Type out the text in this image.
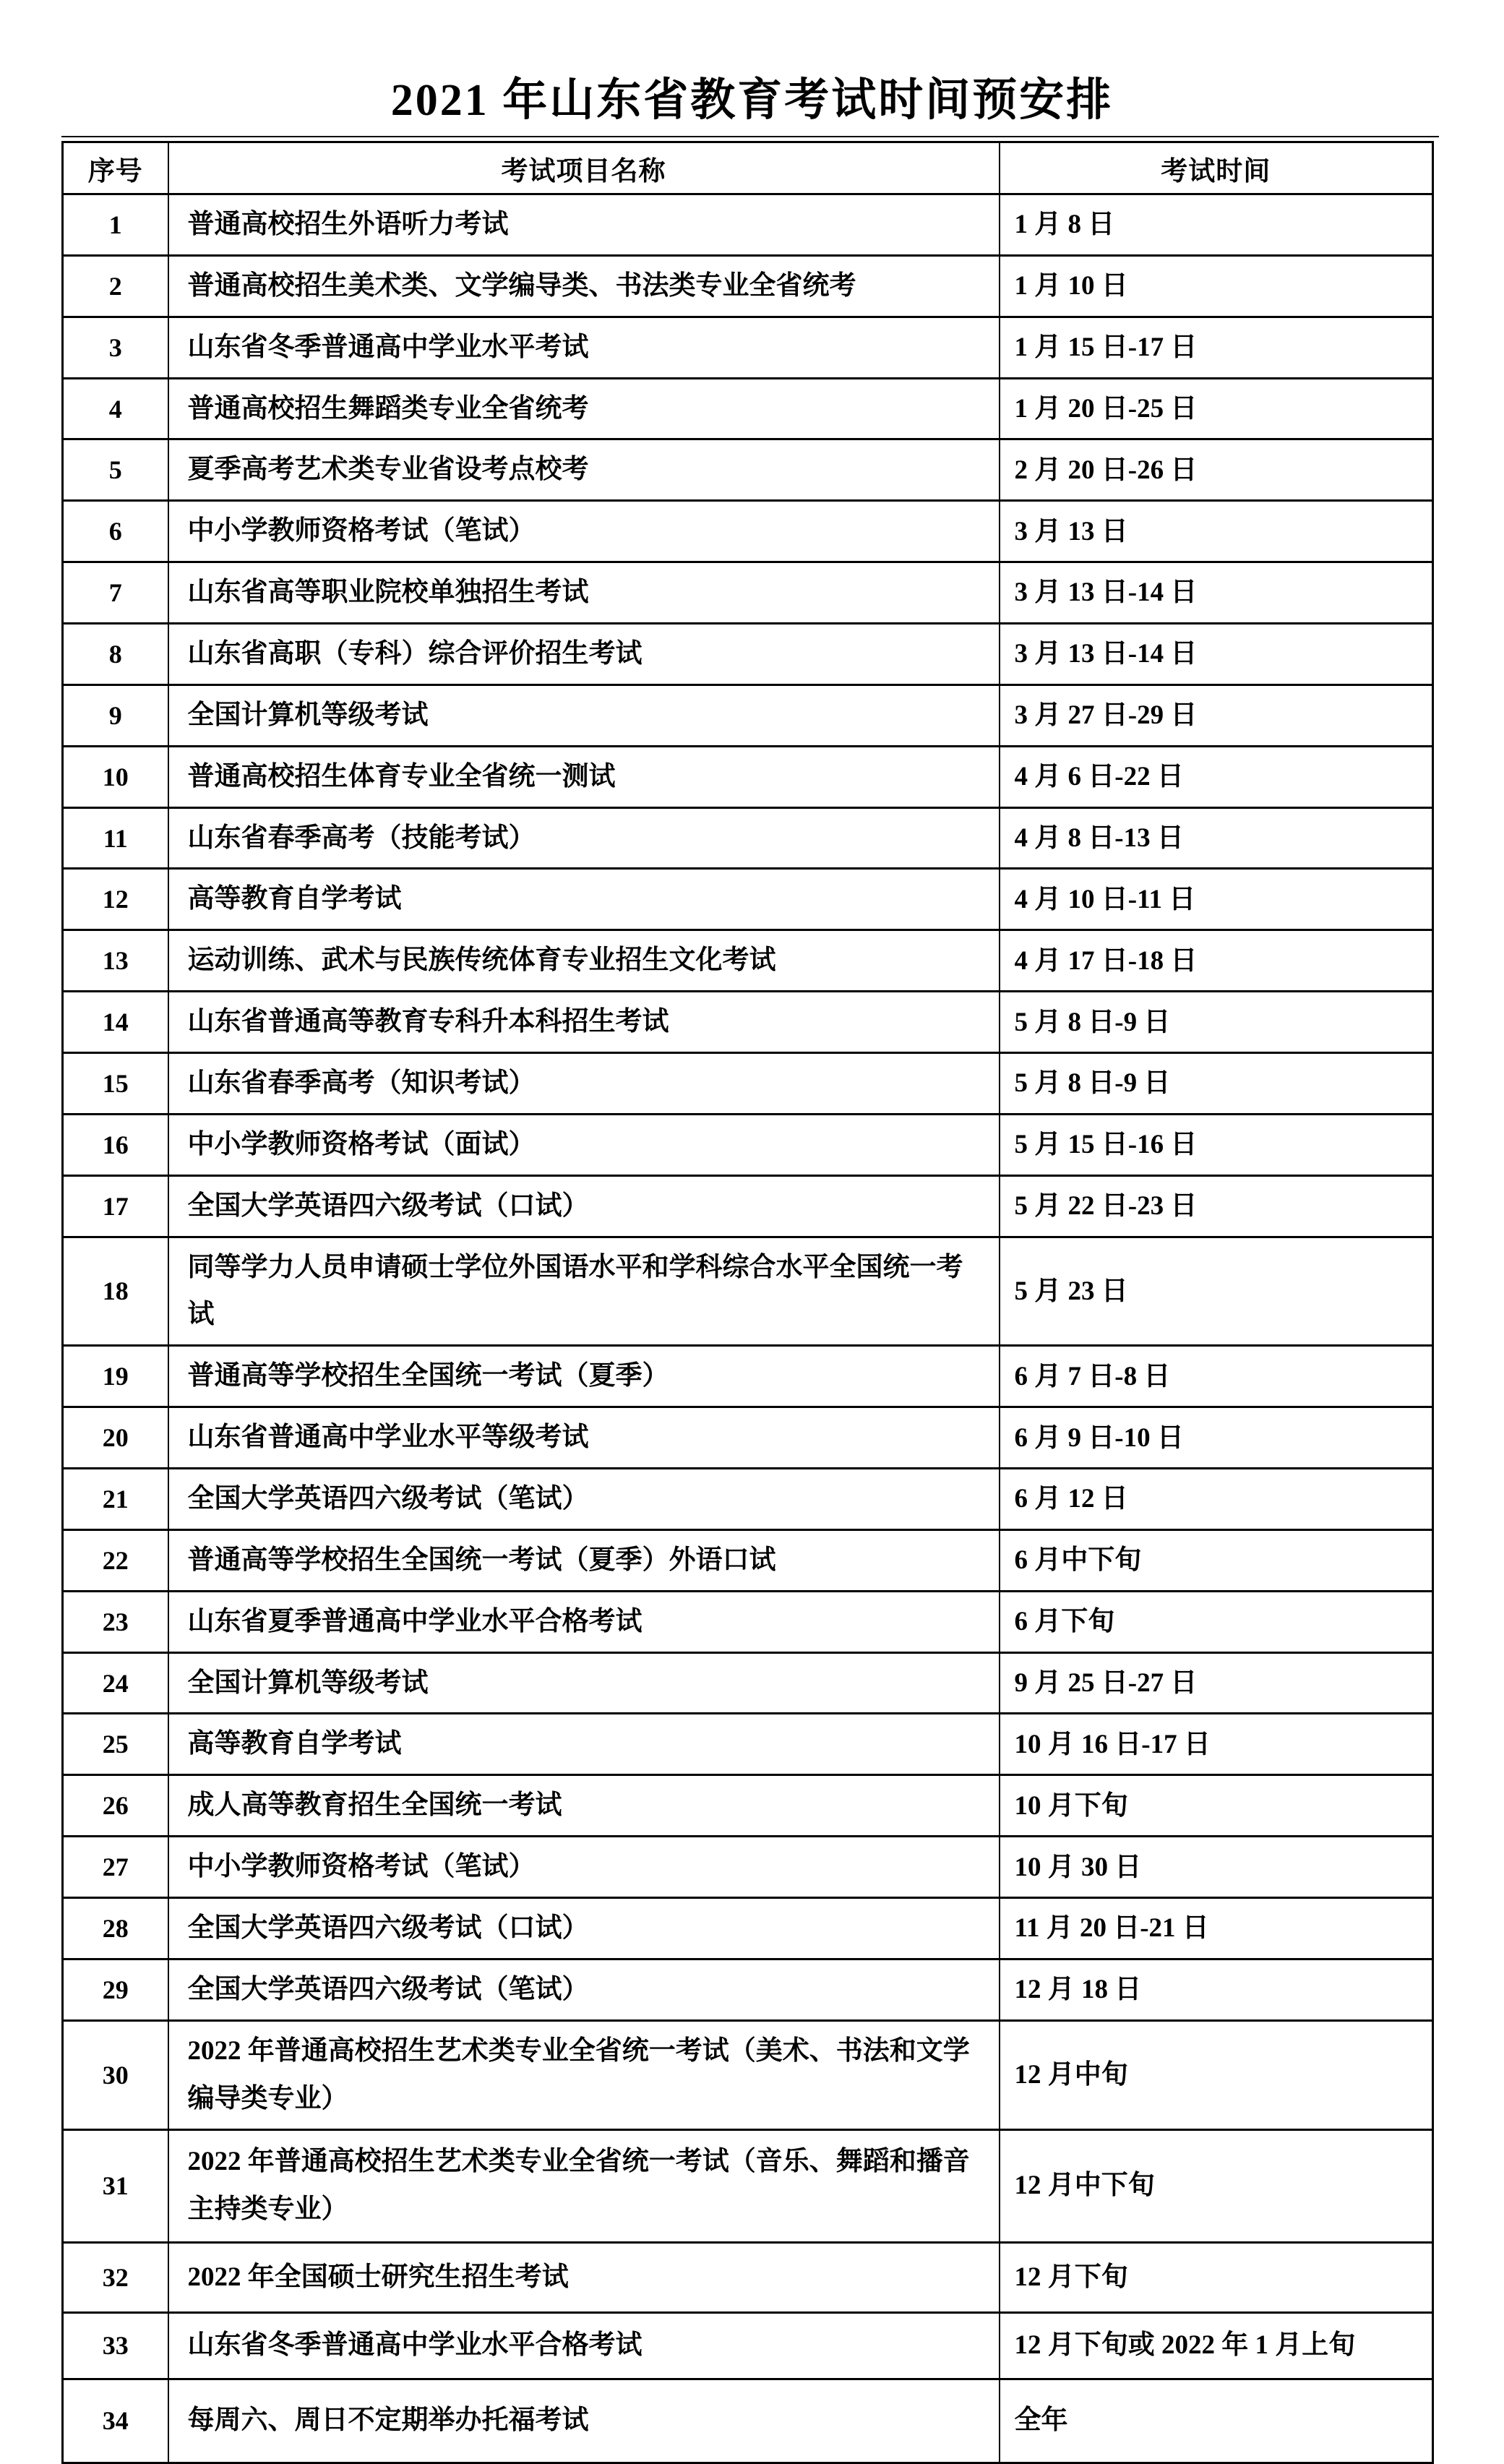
2021 年山东省教育考试时间预安排
序号	考试项目名称	考试时间
1	普通高校招生外语听力考试	1 月 8 日
2	普通高校招生美术类、文学编导类、书法类专业全省统考	1 月 10 日
3	山东省冬季普通高中学业水平考试	1 月 15 日-17 日
4	普通高校招生舞蹈类专业全省统考	1 月 20 日-25 日
5	夏季高考艺术类专业省设考点校考	2 月 20 日-26 日
6	中小学教师资格考试（笔试）	3 月 13 日
7	山东省高等职业院校单独招生考试	3 月 13 日-14 日
8	山东省高职（专科）综合评价招生考试	3 月 13 日-14 日
9	全国计算机等级考试	3 月 27 日-29 日
10	普通高校招生体育专业全省统一测试	4 月 6 日-22 日
11	山东省春季高考（技能考试）	4 月 8 日-13 日
12	高等教育自学考试	4 月 10 日-11 日
13	运动训练、武术与民族传统体育专业招生文化考试	4 月 17 日-18 日
14	山东省普通高等教育专科升本科招生考试	5 月 8 日-9 日
15	山东省春季高考（知识考试）	5 月 8 日-9 日
16	中小学教师资格考试（面试）	5 月 15 日-16 日
17	全国大学英语四六级考试（口试）	5 月 22 日-23 日
18	同等学力人员申请硕士学位外国语水平和学科综合水平全国统一考试	5 月 23 日
19	普通高等学校招生全国统一考试（夏季）	6 月 7 日-8 日
20	山东省普通高中学业水平等级考试	6 月 9 日-10 日
21	全国大学英语四六级考试（笔试）	6 月 12 日
22	普通高等学校招生全国统一考试（夏季）外语口试	6 月中下旬
23	山东省夏季普通高中学业水平合格考试	6 月下旬
24	全国计算机等级考试	9 月 25 日-27 日
25	高等教育自学考试	10 月 16 日-17 日
26	成人高等教育招生全国统一考试	10 月下旬
27	中小学教师资格考试（笔试）	10 月 30 日
28	全国大学英语四六级考试（口试）	11 月 20 日-21 日
29	全国大学英语四六级考试（笔试）	12 月 18 日
30	2022 年普通高校招生艺术类专业全省统一考试（美术、书法和文学编导类专业）	12 月中旬
31	2022 年普通高校招生艺术类专业全省统一考试（音乐、舞蹈和播音主持类专业）	12 月中下旬
32	2022 年全国硕士研究生招生考试	12 月下旬
33	山东省冬季普通高中学业水平合格考试	12 月下旬或 2022 年 1 月上旬
34	每周六、周日不定期举办托福考试	全年
